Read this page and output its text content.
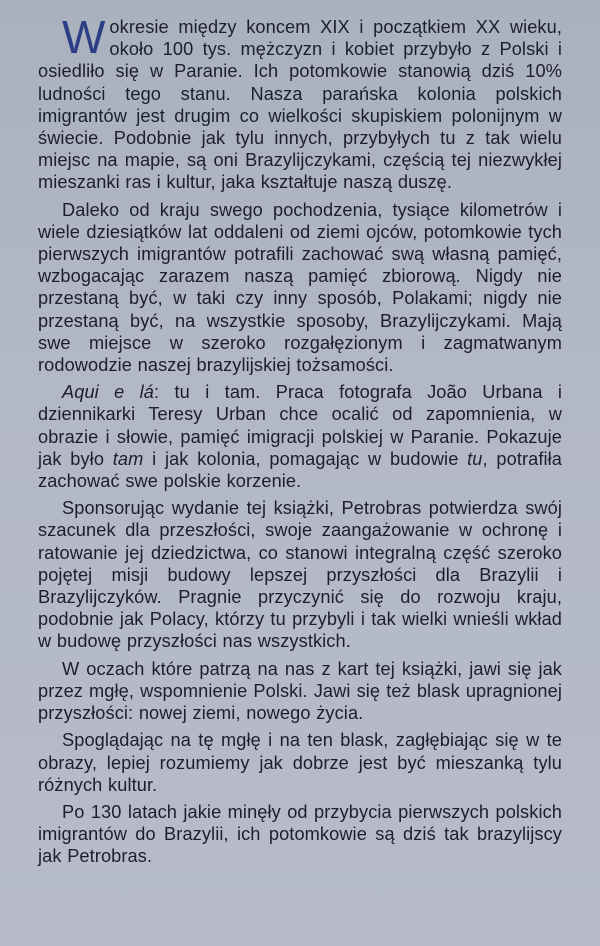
Wokresie między koncem XIX i początkiem XX wieku, około 100 tys. mężczyzn i kobiet przybyło z Polski i osiedliło się w Paranie. Ich potomkowie stanowią dziś 10% ludności tego stanu. Nasza parańska kolonia polskich imigrantów jest drugim co wielkości skupiskiem polonijnym w świecie. Podobnie jak tylu innych, przybyłych tu z tak wielu miejsc na mapie, są oni Brazylijczykami, częścią tej niezwykłej mieszanki ras i kultur, jaka kształtuje naszą duszę.

Daleko od kraju swego pochodzenia, tysiące kilometrów i wiele dziesiątków lat oddaleni od ziemi ojców, potomkowie tych pierwszych imigrantów potrafili zachować swą własną pamięć, wzbogacając zarazem naszą pamięć zbiorową. Nigdy nie przestaną być, w taki czy inny sposób, Polakami; nigdy nie przestaną być, na wszystkie sposoby, Brazylijczykami. Mają swe miejsce w szeroko rozgałęzionym i zagmatwanym rodowodzie naszej brazylijskiej tożsamości.

Aqui e lá: tu i tam. Praca fotografa João Urbana i dziennikarki Teresy Urban chce ocalić od zapomnienia, w obrazie i słowie, pamięć imigracji polskiej w Paranie. Pokazuje jak było tam i jak kolonia, pomagając w budowie tu, potrafiła zachować swe polskie korzenie.

Sponsorując wydanie tej książki, Petrobras potwierdza swój szacunek dla przeszłości, swoje zaangażowanie w ochronę i ratowanie jej dziedzictwa, co stanowi integralną część szeroko pojętej misji budowy lepszej przyszłości dla Brazylii i Brazylijczyków. Pragnie przyczynić się do rozwoju kraju, podobnie jak Polacy, którzy tu przybyli i tak wielki wnieśli wkład w budowę przyszłości nas wszystkich.

W oczach które patrzą na nas z kart tej książki, jawi się jak przez mgłę, wspomnienie Polski. Jawi się też blask upragnionej przyszłości: nowej ziemi, nowego życia.

Spoglądając na tę mgłę i na ten blask, zagłębiając się w te obrazy, lepiej rozumiemy jak dobrze jest być mieszanką tylu różnych kultur.

Po 130 latach jakie minęły od przybycia pierwszych polskich imigrantów do Brazylii, ich potomkowie są dziś tak brazylijscy jak Petrobras.
